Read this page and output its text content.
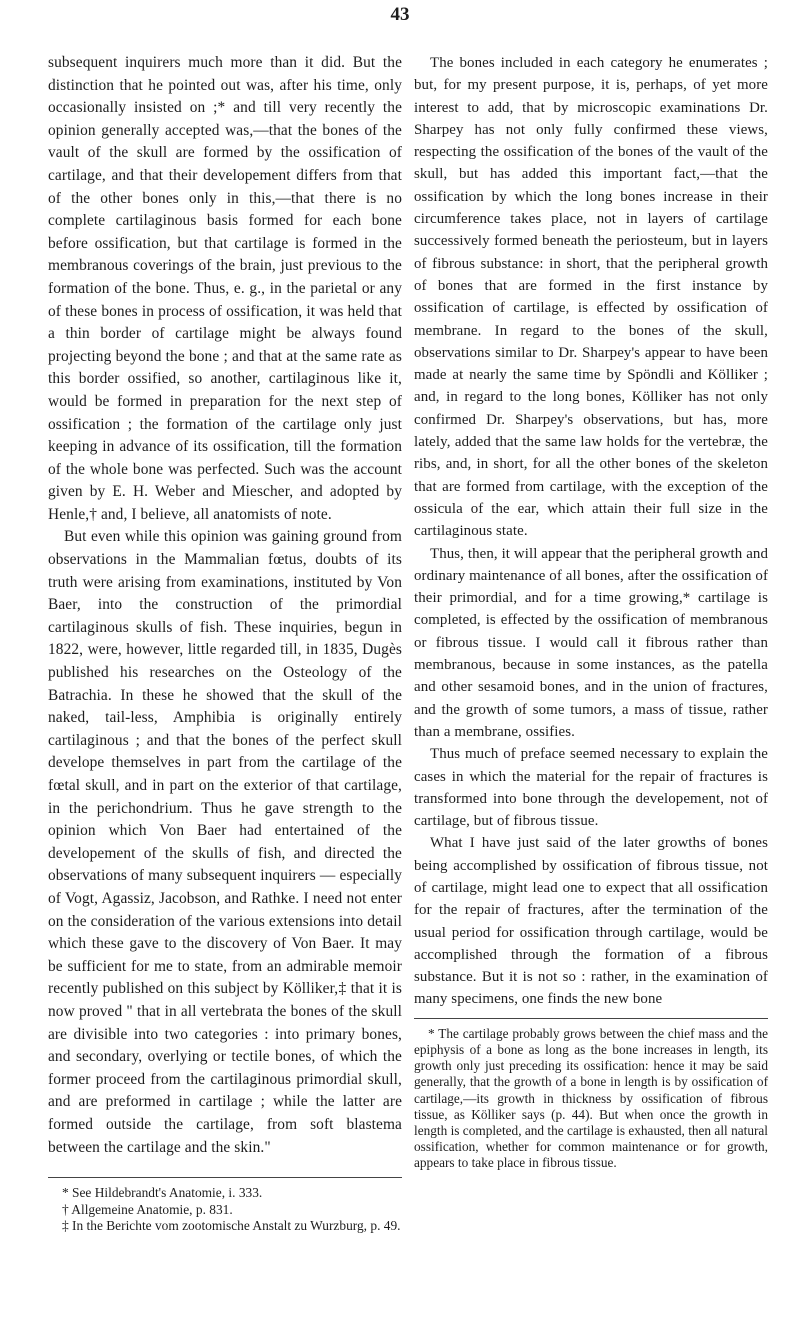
43

subsequent inquirers much more than it did. But the distinction that he pointed out was, after his time, only occasionally insisted on ;* and till very recently the opinion generally accepted was,—that the bones of the vault of the skull are formed by the ossification of cartilage, and that their developement differs from that of the other bones only in this,—that there is no complete cartilaginous basis formed for each bone before ossification, but that cartilage is formed in the membranous coverings of the brain, just previous to the formation of the bone. Thus, e. g., in the parietal or any of these bones in process of ossification, it was held that a thin border of cartilage might be always found projecting beyond the bone ; and that at the same rate as this border ossified, so another, cartilaginous like it, would be formed in preparation for the next step of ossification ; the formation of the cartilage only just keeping in advance of its ossification, till the formation of the whole bone was perfected. Such was the account given by E. H. Weber and Miescher, and adopted by Henle,† and, I believe, all anatomists of note.

But even while this opinion was gaining ground from observations in the Mammalian fœtus, doubts of its truth were arising from examinations, instituted by Von Baer, into the construction of the primordial cartilaginous skulls of fish. These inquiries, begun in 1822, were, however, little regarded till, in 1835, Dugès published his researches on the Osteology of the Batrachia. In these he showed that the skull of the naked, tail-less, Amphibia is originally entirely cartilaginous ; and that the bones of the perfect skull develope themselves in part from the cartilage of the fœtal skull, and in part on the exterior of that cartilage, in the perichondrium. Thus he gave strength to the opinion which Von Baer had entertained of the developement of the skulls of fish, and directed the observations of many subsequent inquirers — especially of Vogt, Agassiz, Jacobson, and Rathke. I need not enter on the consideration of the various extensions into detail which these gave to the discovery of Von Baer. It may be sufficient for me to state, from an admirable memoir recently published on this subject by Kölliker,‡ that it is now proved " that in all vertebrata the bones of the skull are divisible into two categories : into primary bones, and secondary, overlying or tectile bones, of which the former proceed from the cartilaginous primordial skull, and are preformed in cartilage ; while the latter are formed outside the cartilage, from soft blastema between the cartilage and the skin."

* See Hildebrandt's Anatomie, i. 333.

† Allgemeine Anatomie, p. 831.

‡ In the Berichte vom zootomische Anstalt zu Wurzburg, p. 49.

The bones included in each category he enumerates ; but, for my present purpose, it is, perhaps, of yet more interest to add, that by microscopic examinations Dr. Sharpey has not only fully confirmed these views, respecting the ossification of the bones of the vault of the skull, but has added this important fact,—that the ossification by which the long bones increase in their circumference takes place, not in layers of cartilage successively formed beneath the periosteum, but in layers of fibrous substance: in short, that the peripheral growth of bones that are formed in the first instance by ossification of cartilage, is effected by ossification of membrane. In regard to the bones of the skull, observations similar to Dr. Sharpey's appear to have been made at nearly the same time by Spöndli and Kölliker ; and, in regard to the long bones, Kölliker has not only confirmed Dr. Sharpey's observations, but has, more lately, added that the same law holds for the vertebræ, the ribs, and, in short, for all the other bones of the skeleton that are formed from cartilage, with the exception of the ossicula of the ear, which attain their full size in the cartilaginous state.

Thus, then, it will appear that the peripheral growth and ordinary maintenance of all bones, after the ossification of their primordial, and for a time growing,* cartilage is completed, is effected by the ossification of membranous or fibrous tissue. I would call it fibrous rather than membranous, because in some instances, as the patella and other sesamoid bones, and in the union of fractures, and the growth of some tumors, a mass of tissue, rather than a membrane, ossifies.

Thus much of preface seemed necessary to explain the cases in which the material for the repair of fractures is transformed into bone through the developement, not of cartilage, but of fibrous tissue.

What I have just said of the later growths of bones being accomplished by ossification of fibrous tissue, not of cartilage, might lead one to expect that all ossification for the repair of fractures, after the termination of the usual period for ossification through cartilage, would be accomplished through the formation of a fibrous substance. But it is not so : rather, in the examination of many specimens, one finds the new bone

* The cartilage probably grows between the chief mass and the epiphysis of a bone as long as the bone increases in length, its growth only just preceding its ossification: hence it may be said generally, that the growth of a bone in length is by ossification of cartilage,—its growth in thickness by ossification of fibrous tissue, as Kölliker says (p. 44). But when once the growth in length is completed, and the cartilage is exhausted, then all natural ossification, whether for common maintenance or for growth, appears to take place in fibrous tissue.
